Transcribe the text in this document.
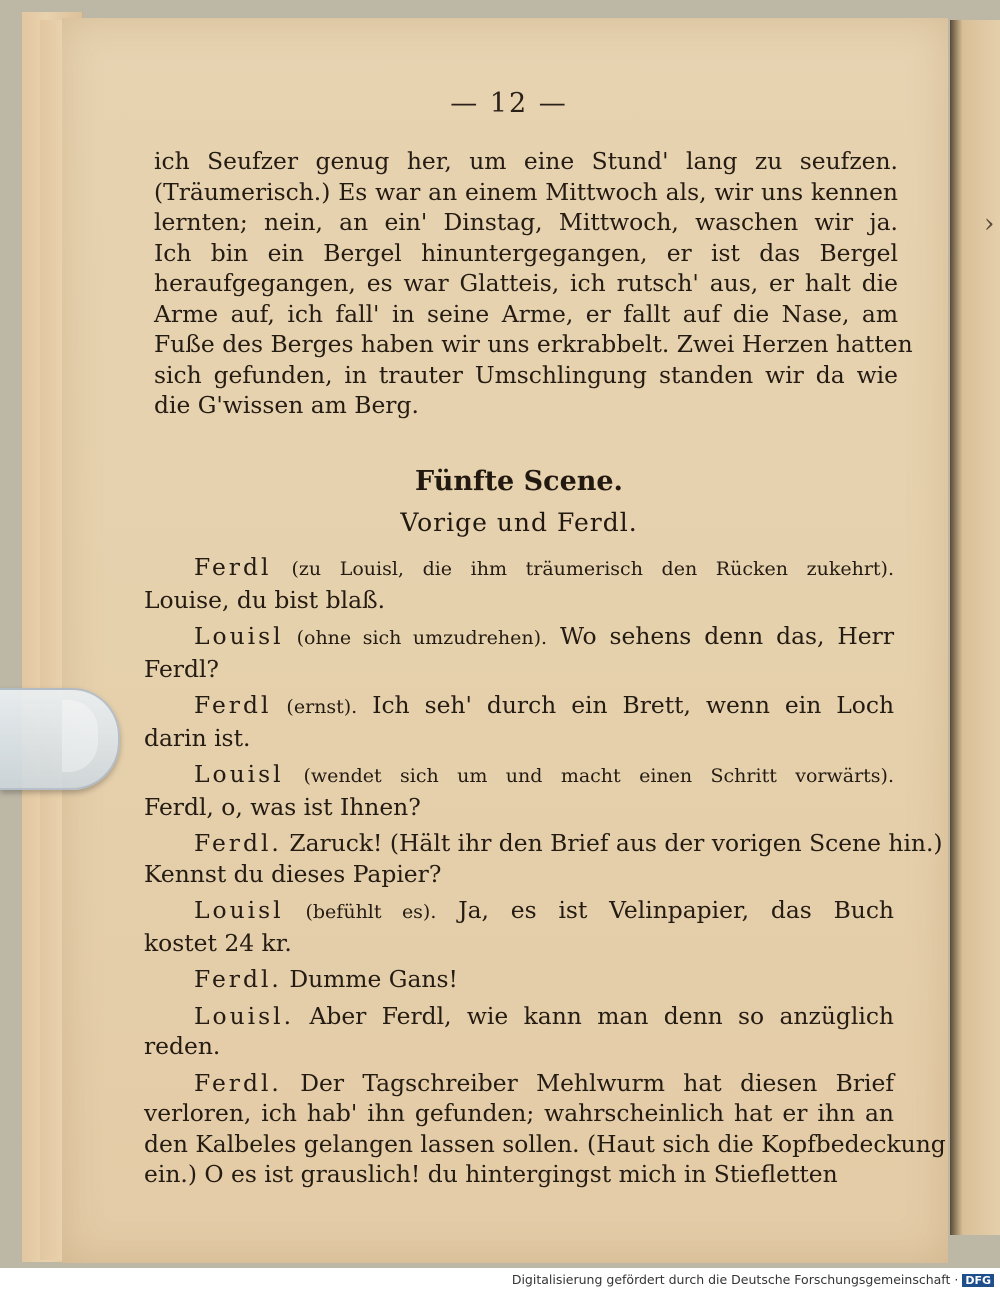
›
— 12 —
ich Seufzer genug her, um eine Stund' lang zu seufzen.
(Träumerisch.) Es war an einem Mittwoch als, wir uns kennen
lernten; nein, an ein' Dinstag, Mittwoch, waschen wir ja.
Ich bin ein Bergel hinuntergegangen, er ist das Bergel
heraufgegangen, es war Glatteis, ich rutsch' aus, er halt die
Arme auf, ich fall' in seine Arme, er fallt auf die Nase, am
Fuße des Berges haben wir uns erkrabbelt. Zwei Herzen hatten
sich gefunden, in trauter Umschlingung standen wir da wie
die G'wissen am Berg.
Fünfte Scene.
Vorige und Ferdl.
Ferdl (zu Louisl, die ihm träumerisch den Rücken zukehrt).
Louise, du bist blaß.
Louisl (ohne sich umzudrehen). Wo sehens denn das, Herr
Ferdl?
Ferdl (ernst). Ich seh' durch ein Brett, wenn ein Loch
darin ist.
Louisl (wendet sich um und macht einen Schritt vorwärts).
Ferdl, o, was ist Ihnen?
Ferdl. Zaruck! (Hält ihr den Brief aus der vorigen Scene hin.)
Kennst du dieses Papier?
Louisl (befühlt es). Ja, es ist Velinpapier, das Buch
kostet 24 kr.
Ferdl. Dumme Gans!
Louisl. Aber Ferdl, wie kann man denn so anzüglich
reden.
Ferdl. Der Tagschreiber Mehlwurm hat diesen Brief
verloren, ich hab' ihn gefunden; wahrscheinlich hat er ihn an
den Kalbeles gelangen lassen sollen. (Haut sich die Kopfbedeckung
ein.) O es ist grauslich! du hintergingst mich in Stiefletten
Digitalisierung gefördert durch die Deutsche Forschungsgemeinschaft · DFG
